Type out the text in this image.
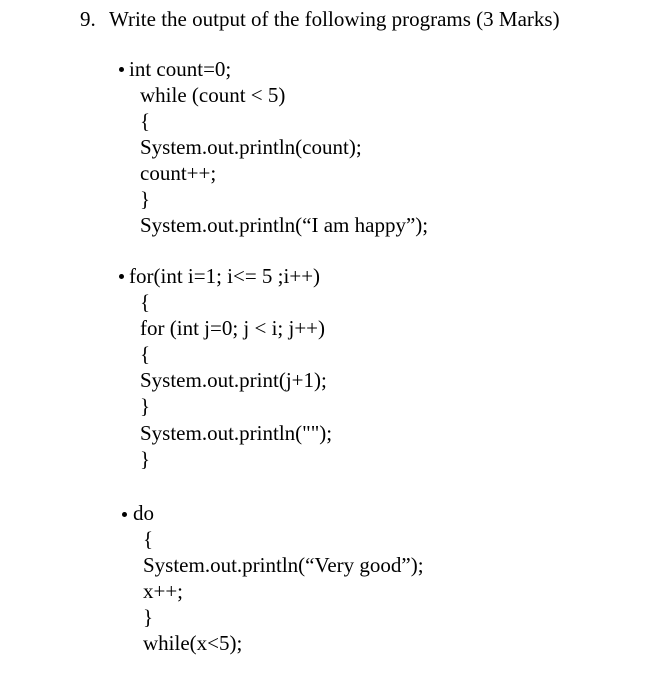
9. Write the output of the following programs (3 Marks)
int count=0;
while (count < 5)
{
System.out.println(count);
count++;
}
System.out.println(“I am happy”);
for(int i=1; i<= 5 ;i++)
{
for (int j=0; j < i; j++)
{
System.out.print(j+1);
}
System.out.println("");
}
do
{
System.out.println(“Very good”);
x++;
}
while(x<5);
